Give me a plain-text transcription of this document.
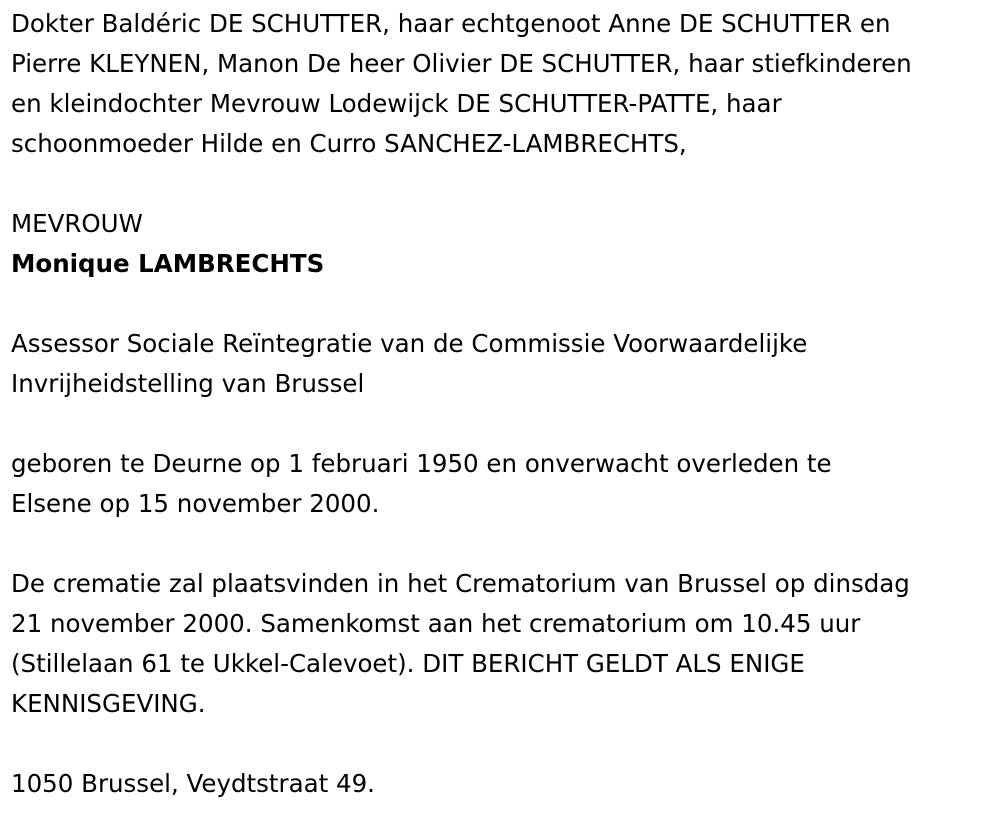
Dokter Baldéric DE SCHUTTER, haar echtgenoot Anne DE SCHUTTER en
Pierre KLEYNEN, Manon De heer Olivier DE SCHUTTER, haar stiefkinderen
en kleindochter Mevrouw Lodewijck DE SCHUTTER-PATTE, haar
schoonmoeder Hilde en Curro SANCHEZ-LAMBRECHTS,
MEVROUW
Monique LAMBRECHTS
Assessor Sociale Reïntegratie van de Commissie Voorwaardelijke
Invrijheidstelling van Brussel
geboren te Deurne op 1 februari 1950 en onverwacht overleden te
Elsene op 15 november 2000.
De crematie zal plaatsvinden in het Crematorium van Brussel op dinsdag
21 november 2000. Samenkomst aan het crematorium om 10.45 uur
(Stillelaan 61 te Ukkel-Calevoet). DIT BERICHT GELDT ALS ENIGE
KENNISGEVING.
1050 Brussel, Veydtstraat 49.
